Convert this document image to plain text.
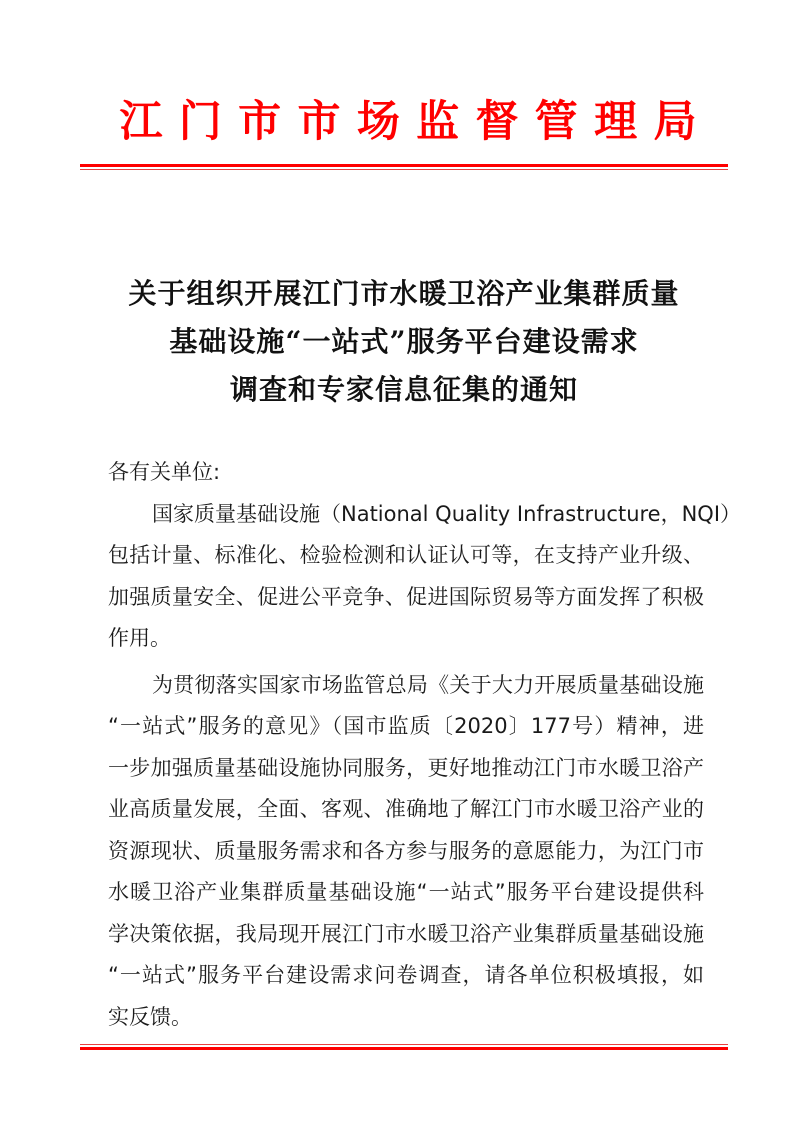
江 门 市 市 场 监 督 管 理 局
关于组织开展江门市水暖卫浴产业集群质量
基础设施“一站式”服务平台建设需求
调查和专家信息征集的通知
各有关单位:
国家质量基础设施（National Quality Infrastructure，NQI）
包括计量、标准化、检验检测和认证认可等，在支持产业升级、
加强质量安全、促进公平竞争、促进国际贸易等方面发挥了积极
作用。
为贯彻落实国家市场监管总局《关于大力开展质量基础设施
“一站式”服务的意见》（国市监质〔2020〕177号）精神，进
一步加强质量基础设施协同服务，更好地推动江门市水暖卫浴产
业高质量发展，全面、客观、准确地了解江门市水暖卫浴产业的
资源现状、质量服务需求和各方参与服务的意愿能力，为江门市
水暖卫浴产业集群质量基础设施“一站式”服务平台建设提供科
学决策依据，我局现开展江门市水暖卫浴产业集群质量基础设施
“一站式”服务平台建设需求问卷调查，请各单位积极填报，如
实反馈。
